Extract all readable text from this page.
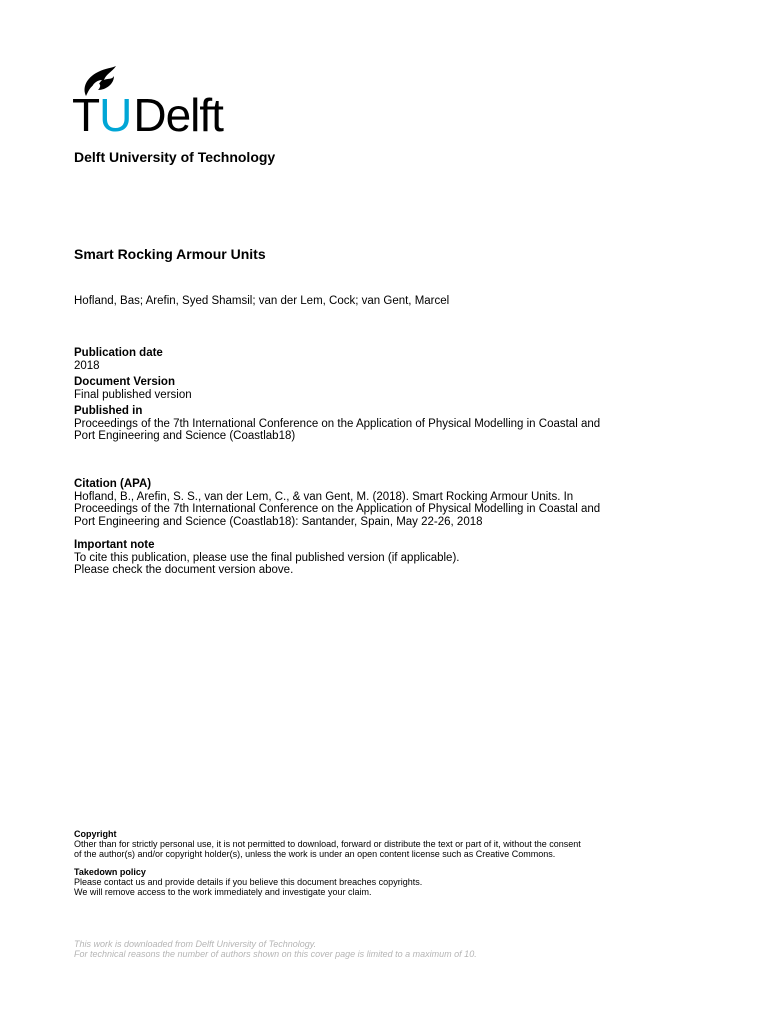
TUDelft
Delft University of Technology
Smart Rocking Armour Units
Hofland, Bas; Arefin, Syed Shamsil; van der Lem, Cock; van Gent, Marcel
Publication date
2018
Document Version
Final published version
Published in
Proceedings of the 7th International Conference on the Application of Physical Modelling in Coastal and
Port Engineering and Science (Coastlab18)
Citation (APA)
Hofland, B., Arefin, S. S., van der Lem, C., & van Gent, M. (2018). Smart Rocking Armour Units. In
Proceedings of the 7th International Conference on the Application of Physical Modelling in Coastal and
Port Engineering and Science (Coastlab18): Santander, Spain, May 22-26, 2018
Important note
To cite this publication, please use the final published version (if applicable).
Please check the document version above.
Copyright
Other than for strictly personal use, it is not permitted to download, forward or distribute the text or part of it, without the consent
of the author(s) and/or copyright holder(s), unless the work is under an open content license such as Creative Commons.
Takedown policy
Please contact us and provide details if you believe this document breaches copyrights.
We will remove access to the work immediately and investigate your claim.
This work is downloaded from Delft University of Technology.
For technical reasons the number of authors shown on this cover page is limited to a maximum of 10.
